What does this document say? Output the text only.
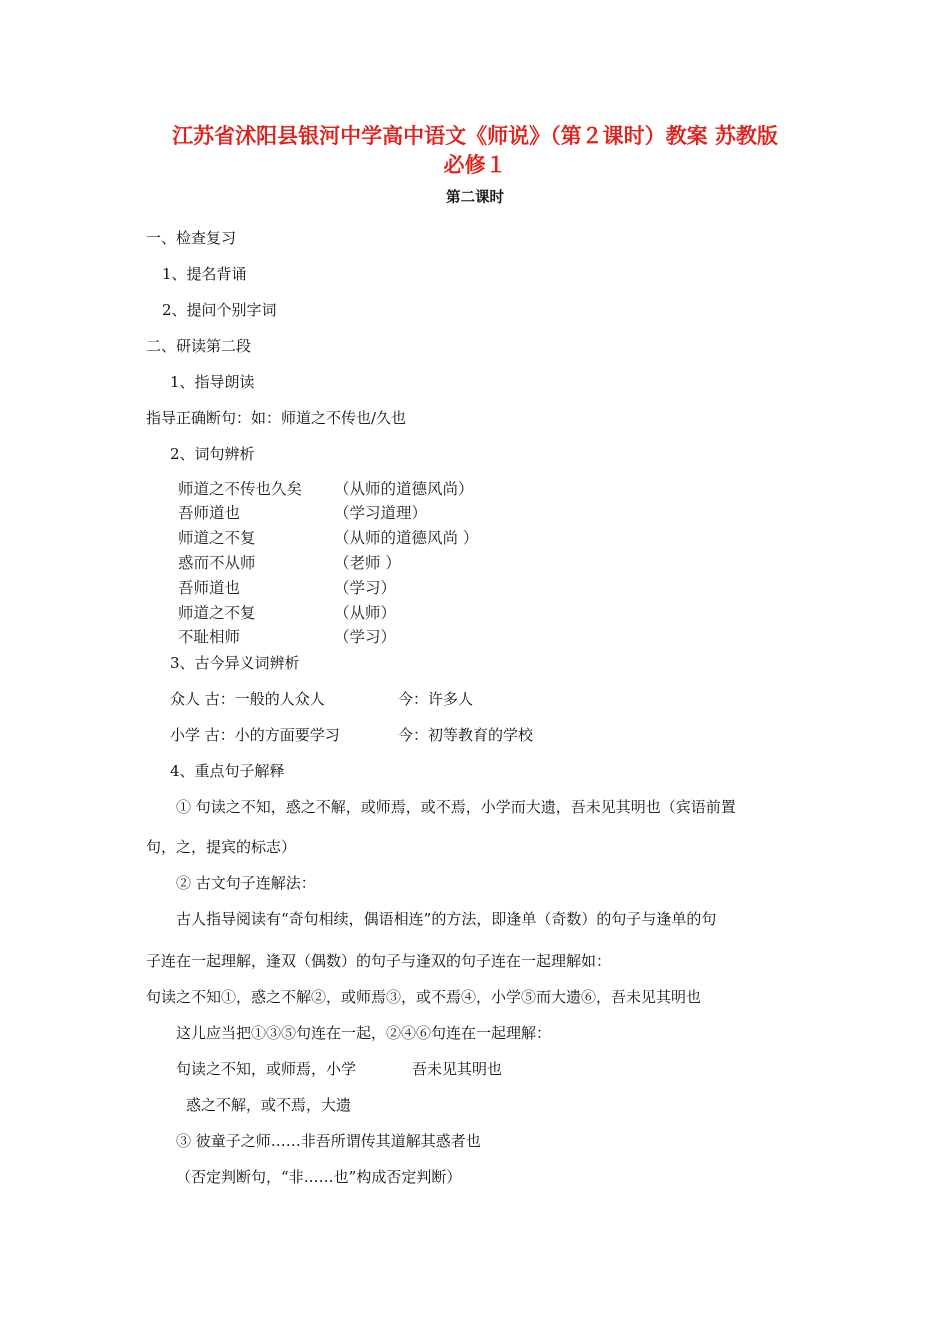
江苏省沭阳县银河中学高中语文《师说》（第２课时）教案 苏教版
必修１
第二课时
一、检查复习
1、提名背诵
2、提问个别字词
二、研读第二段
1、指导朗读
指导正确断句：如：师道之不传也/久也
2、词句辨析
师道之不传也久矣 （从师的道德风尚）
吾师道也	（学习道理）
师道之不复	（从师的道德风尚 ）
惑而不从师	（老师 ）
吾师道也	（学习）
师道之不复	（从师）
不耻相师	（学习）
3、古今异义词辨析
众人 古：一般的人众人	今：许多人
小学 古：小的方面要学习	今：初等教育的学校
4、重点句子解释
① 句读之不知，惑之不解，或师焉，或不焉，小学而大遗，吾未见其明也（宾语前置
句，之，提宾的标志）
② 古文句子连解法：
古人指导阅读有“奇句相续，偶语相连”的方法，即逢单（奇数）的句子与逢单的句
子连在一起理解，逢双（偶数）的句子与逢双的句子连在一起理解如：
句读之不知①，惑之不解②，或师焉③，或不焉④，小学⑤而大遗⑥，吾未见其明也
这儿应当把①③⑤句连在一起，②④⑥句连在一起理解：
句读之不知，或师焉，小学	吾未见其明也
惑之不解，或不焉，大遗
③ 彼童子之师……非吾所谓传其道解其惑者也
（否定判断句，“非……也”构成否定判断）
